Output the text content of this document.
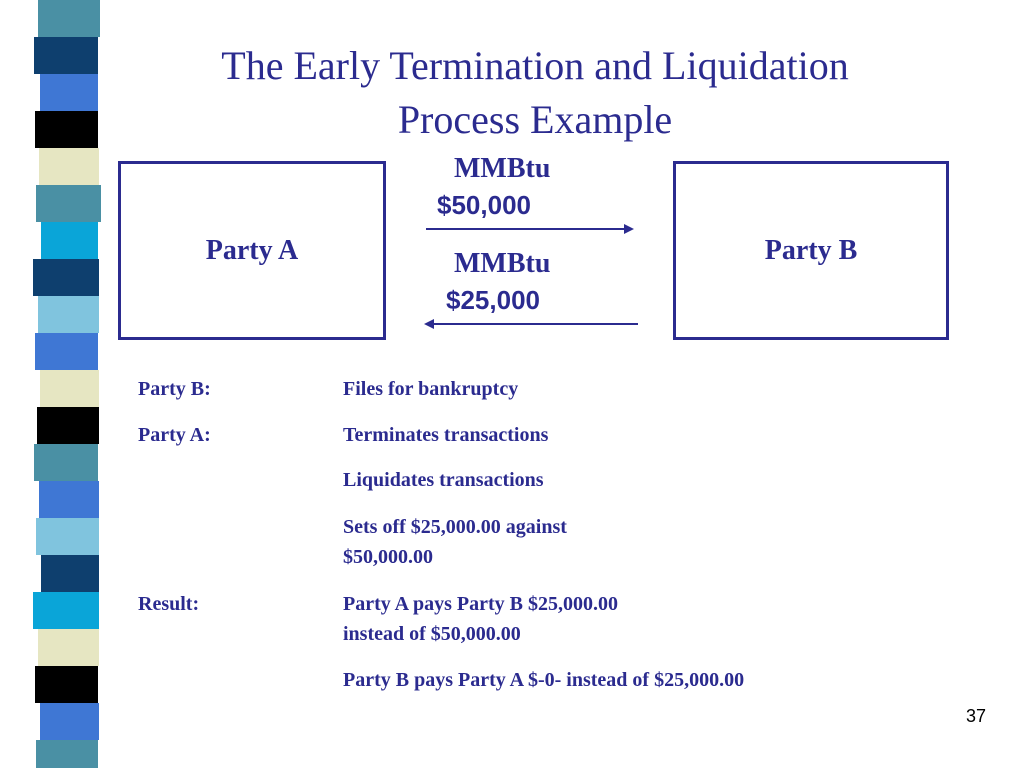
The Early Termination and Liquidation
Process Example
Party A	Party B
MMBtu
$50,000
MMBtu
$25,000
Party B:	Files for bankruptcy
Party A:	Terminates transactions
Liquidates transactions
Sets off $25,000.00 against
$50,000.00
Result:	Party A pays Party B $25,000.00
instead of $50,000.00
Party B pays Party A $-0- instead of $25,000.00
37
